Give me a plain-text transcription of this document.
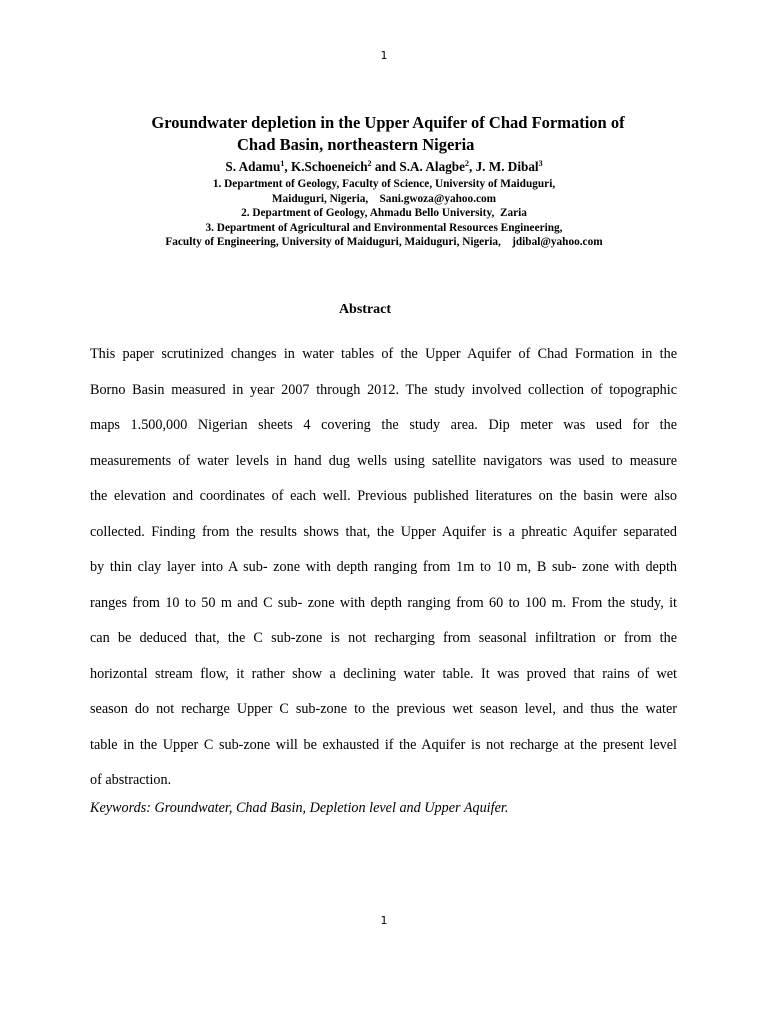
1
Groundwater depletion in the Upper Aquifer of Chad Formation of
Chad Basin, northeastern Nigeria
S. Adamu$^1$, K.Schoeneich$^2$ and S.A. Alagbe$^2$, J. M. Dibal$^3$
1. Department of Geology, Faculty of Science, University of Maiduguri,
Maiduguri, Nigeria,    Sani.gwoza@yahoo.com
2. Department of Geology, Ahmadu Bello University,  Zaria
3. Department of Agricultural and Environmental Resources Engineering,
Faculty of Engineering, University of Maiduguri, Maiduguri, Nigeria,    jdibal@yahoo.com
Abstract
This paper scrutinized changes in water tables of the Upper Aquifer of Chad Formation in the
Borno Basin measured in year 2007 through 2012. The study involved collection of topographic
maps 1.500,000 Nigerian sheets 4 covering the study area. Dip meter was used for the
measurements of water levels in hand dug wells using satellite navigators was used to measure
the elevation and coordinates of each well. Previous published literatures on the basin were also
collected. Finding from the results shows that, the Upper Aquifer is a phreatic Aquifer separated
by thin clay layer into A sub- zone with depth ranging from 1m to 10 m, B sub- zone with depth
ranges from 10 to 50 m and C sub- zone with depth ranging from 60 to 100 m. From the study, it
can be deduced that, the C sub-zone is not recharging from seasonal infiltration or from the
horizontal stream flow, it rather show a declining water table. It was proved that rains of wet
season do not recharge Upper C sub-zone to the previous wet season level, and thus the water
table in the Upper C sub-zone will be exhausted if the Aquifer is not recharge at the present level
of abstraction.
Keywords: Groundwater, Chad Basin, Depletion level and Upper Aquifer.
1
